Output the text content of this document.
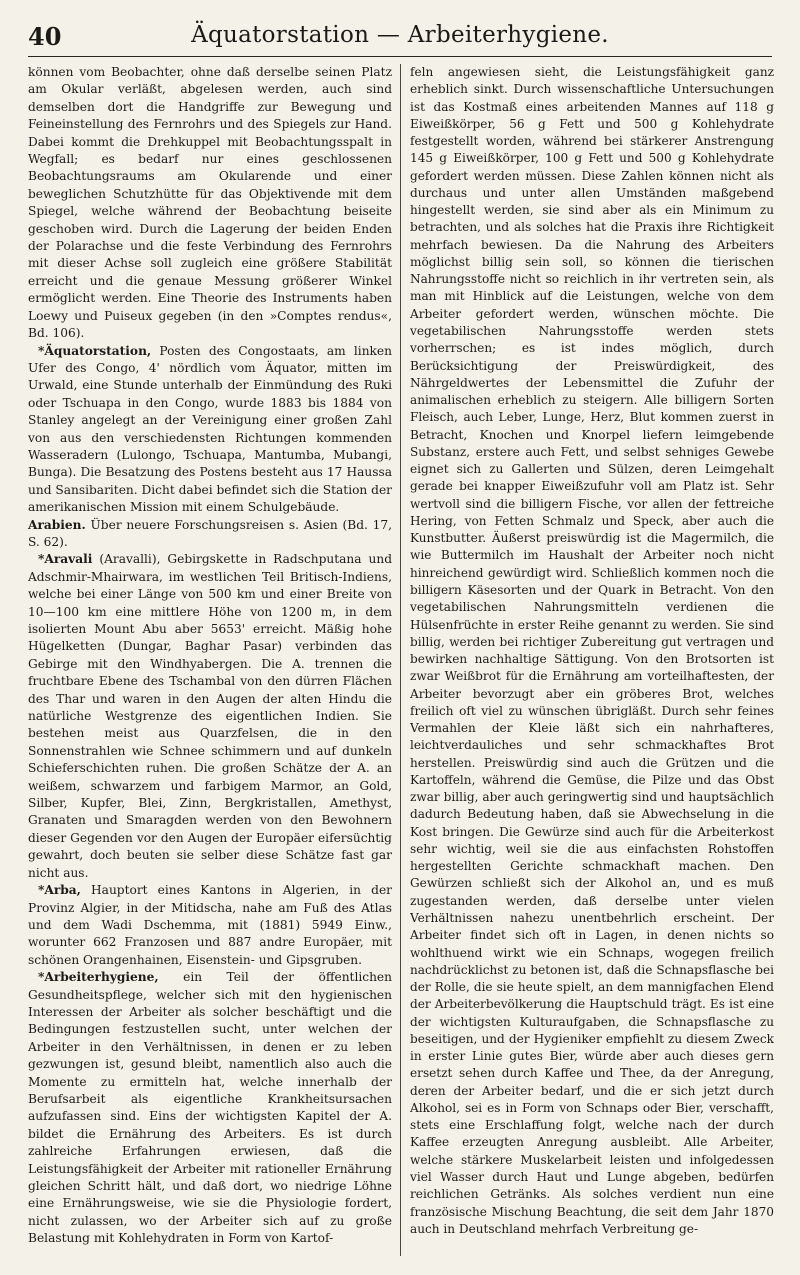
40	Äquatorstation — Arbeiterhygiene.

können vom Beobachter, ohne daß derselbe seinen Platz am Okular verläßt, abgelesen werden, auch sind demselben dort die Handgriffe zur Bewegung und Feineinstellung des Fernrohrs und des Spiegels zur Hand. Dabei kommt die Drehkuppel mit Beobachtungsspalt in Wegfall; es bedarf nur eines geschlossenen Beobachtungsraums am Okularende und einer beweglichen Schutzhütte für das Objektivende mit dem Spiegel, welche während der Beobachtung beiseite geschoben wird. Durch die Lagerung der beiden Enden der Polarachse und die feste Verbindung des Fernrohrs mit dieser Achse soll zugleich eine größere Stabilität erreicht und die genaue Messung größerer Winkel ermöglicht werden. Eine Theorie des Instruments haben Loewy und Puiseux gegeben (in den »Comptes rendus«, Bd. 106).

*Äquatorstation, Posten des Congostaats, am linken Ufer des Congo, 4' nördlich vom Äquator, mitten im Urwald, eine Stunde unterhalb der Einmündung des Ruki oder Tschuapa in den Congo, wurde 1883 bis 1884 von Stanley angelegt an der Vereinigung einer großen Zahl von aus den verschiedensten Richtungen kommenden Wasseradern (Lulongo, Tschuapa, Mantumba, Mubangi, Bunga). Die Besatzung des Postens besteht aus 17 Haussa und Sansibariten. Dicht dabei befindet sich die Station der amerikanischen Mission mit einem Schulgebäude.

Arabien. Über neuere Forschungsreisen s. Asien (Bd. 17, S. 62).

*Aravali (Aravalli), Gebirgskette in Radschputana und Adschmir-Mhairwara, im westlichen Teil Britisch-Indiens, welche bei einer Länge von 500 km und einer Breite von 10—100 km eine mittlere Höhe von 1200 m, in dem isolierten Mount Abu aber 5653' erreicht. Mäßig hohe Hügelketten (Dungar, Baghar Pasar) verbinden das Gebirge mit den Windhyabergen. Die A. trennen die fruchtbare Ebene des Tschambal von den dürren Flächen des Thar und waren in den Augen der alten Hindu die natürliche Westgrenze des eigentlichen Indien. Sie bestehen meist aus Quarzfelsen, die in den Sonnenstrahlen wie Schnee schimmern und auf dunkeln Schieferschichten ruhen. Die großen Schätze der A. an weißem, schwarzem und farbigem Marmor, an Gold, Silber, Kupfer, Blei, Zinn, Bergkristallen, Amethyst, Granaten und Smaragden werden von den Bewohnern dieser Gegenden vor den Augen der Europäer eifersüchtig gewahrt, doch beuten sie selber diese Schätze fast gar nicht aus.

*Arba, Hauptort eines Kantons in Algerien, in der Provinz Algier, in der Mitidscha, nahe am Fuß des Atlas und dem Wadi Dschemma, mit (1881) 5949 Einw., worunter 662 Franzosen und 887 andre Europäer, mit schönen Orangenhainen, Eisenstein- und Gipsgruben.

*Arbeiterhygiene, ein Teil der öffentlichen Gesundheitspflege, welcher sich mit den hygienischen Interessen der Arbeiter als solcher beschäftigt und die Bedingungen festzustellen sucht, unter welchen der Arbeiter in den Verhältnissen, in denen er zu leben gezwungen ist, gesund bleibt, namentlich also auch die Momente zu ermitteln hat, welche innerhalb der Berufsarbeit als eigentliche Krankheitsursachen aufzufassen sind. Eins der wichtigsten Kapitel der A. bildet die Ernährung des Arbeiters. Es ist durch zahlreiche Erfahrungen erwiesen, daß die Leistungsfähigkeit der Arbeiter mit rationeller Ernährung gleichen Schritt hält, und daß dort, wo niedrige Löhne eine Ernährungsweise, wie sie die Physiologie fordert, nicht zulassen, wo der Arbeiter sich auf zu große Belastung mit Kohlehydraten in Form von Kartof-

feln angewiesen sieht, die Leistungsfähigkeit ganz erheblich sinkt. Durch wissenschaftliche Untersuchungen ist das Kostmaß eines arbeitenden Mannes auf 118 g Eiweißkörper, 56 g Fett und 500 g Kohlehydrate festgestellt worden, während bei stärkerer Anstrengung 145 g Eiweißkörper, 100 g Fett und 500 g Kohlehydrate gefordert werden müssen. Diese Zahlen können nicht als durchaus und unter allen Umständen maßgebend hingestellt werden, sie sind aber als ein Minimum zu betrachten, und als solches hat die Praxis ihre Richtigkeit mehrfach bewiesen. Da die Nahrung des Arbeiters möglichst billig sein soll, so können die tierischen Nahrungsstoffe nicht so reichlich in ihr vertreten sein, als man mit Hinblick auf die Leistungen, welche von dem Arbeiter gefordert werden, wünschen möchte. Die vegetabilischen Nahrungsstoffe werden stets vorherrschen; es ist indes möglich, durch Berücksichtigung der Preiswürdigkeit, des Nährgeldwertes der Lebensmittel die Zufuhr der animalischen erheblich zu steigern. Alle billigern Sorten Fleisch, auch Leber, Lunge, Herz, Blut kommen zuerst in Betracht, Knochen und Knorpel liefern leimgebende Substanz, erstere auch Fett, und selbst sehniges Gewebe eignet sich zu Gallerten und Sülzen, deren Leimgehalt gerade bei knapper Eiweißzufuhr voll am Platz ist. Sehr wertvoll sind die billigern Fische, vor allen der fettreiche Hering, von Fetten Schmalz und Speck, aber auch die Kunstbutter. Äußerst preiswürdig ist die Magermilch, die wie Buttermilch im Haushalt der Arbeiter noch nicht hinreichend gewürdigt wird. Schließlich kommen noch die billigern Käsesorten und der Quark in Betracht. Von den vegetabilischen Nahrungsmitteln verdienen die Hülsenfrüchte in erster Reihe genannt zu werden. Sie sind billig, werden bei richtiger Zubereitung gut vertragen und bewirken nachhaltige Sättigung. Von den Brotsorten ist zwar Weißbrot für die Ernährung am vorteilhaftesten, der Arbeiter bevorzugt aber ein gröberes Brot, welches freilich oft viel zu wünschen übrigläßt. Durch sehr feines Vermahlen der Kleie läßt sich ein nahrhafteres, leichtverdauliches und sehr schmackhaftes Brot herstellen. Preiswürdig sind auch die Grützen und die Kartoffeln, während die Gemüse, die Pilze und das Obst zwar billig, aber auch geringwertig sind und hauptsächlich dadurch Bedeutung haben, daß sie Abwechselung in die Kost bringen. Die Gewürze sind auch für die Arbeiterkost sehr wichtig, weil sie die aus einfachsten Rohstoffen hergestellten Gerichte schmackhaft machen. Den Gewürzen schließt sich der Alkohol an, und es muß zugestanden werden, daß derselbe unter vielen Verhältnissen nahezu unentbehrlich erscheint. Der Arbeiter findet sich oft in Lagen, in denen nichts so wohlthuend wirkt wie ein Schnaps, wogegen freilich nachdrücklichst zu betonen ist, daß die Schnapsflasche bei der Rolle, die sie heute spielt, an dem mannigfachen Elend der Arbeiterbevölkerung die Hauptschuld trägt. Es ist eine der wichtigsten Kulturaufgaben, die Schnapsflasche zu beseitigen, und der Hygieniker empfiehlt zu diesem Zweck in erster Linie gutes Bier, würde aber auch dieses gern ersetzt sehen durch Kaffee und Thee, da der Anregung, deren der Arbeiter bedarf, und die er sich jetzt durch Alkohol, sei es in Form von Schnaps oder Bier, verschafft, stets eine Erschlaffung folgt, welche nach der durch Kaffee erzeugten Anregung ausbleibt. Alle Arbeiter, welche stärkere Muskelarbeit leisten und infolgedessen viel Wasser durch Haut und Lunge abgeben, bedürfen reichlichen Getränks. Als solches verdient nun eine französische Mischung Beachtung, die seit dem Jahr 1870 auch in Deutschland mehrfach Verbreitung ge-
